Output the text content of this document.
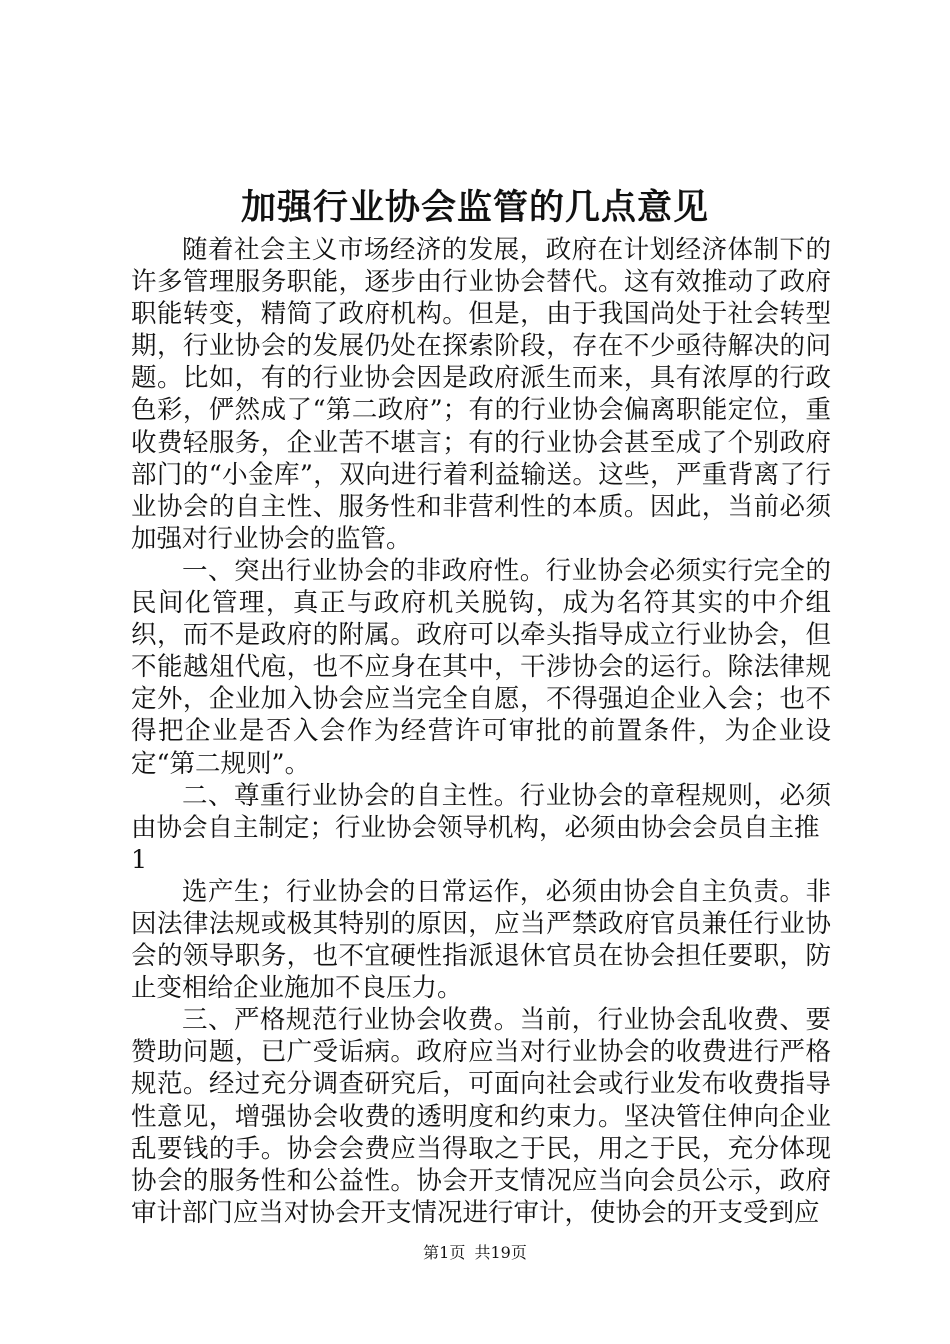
加强行业协会监管的几点意见

随着社会主义市场经济的发展，政府在计划经济体制下的许多管理服务职能，逐步由行业协会替代。这有效推动了政府职能转变，精简了政府机构。但是，由于我国尚处于社会转型期，行业协会的发展仍处在探索阶段，存在不少亟待解决的问题。比如，有的行业协会因是政府派生而来，具有浓厚的行政色彩，俨然成了“第二政府”；有的行业协会偏离职能定位，重收费轻服务，企业苦不堪言；有的行业协会甚至成了个别政府部门的“小金库”，双向进行着利益输送。这些，严重背离了行业协会的自主性、服务性和非营利性的本质。因此，当前必须加强对行业协会的监管。

一、突出行业协会的非政府性。行业协会必须实行完全的民间化管理，真正与政府机关脱钩，成为名符其实的中介组织，而不是政府的附属。政府可以牵头指导成立行业协会，但不能越俎代庖，也不应身在其中，干涉协会的运行。除法律规定外，企业加入协会应当完全自愿，不得强迫企业入会；也不得把企业是否入会作为经营许可审批的前置条件，为企业设定“第二规则”。

二、尊重行业协会的自主性。行业协会的章程规则，必须由协会自主制定；行业协会领导机构，必须由协会会员自主推

1

选产生；行业协会的日常运作，必须由协会自主负责。非因法律法规或极其特别的原因，应当严禁政府官员兼任行业协会的领导职务，也不宜硬性指派退休官员在协会担任要职，防止变相给企业施加不良压力。

三、严格规范行业协会收费。当前，行业协会乱收费、要赞助问题，已广受诟病。政府应当对行业协会的收费进行严格规范。经过充分调查研究后，可面向社会或行业发布收费指导性意见，增强协会收费的透明度和约束力。坚决管住伸向企业乱要钱的手。协会会费应当得取之于民，用之于民，充分体现协会的服务性和公益性。协会开支情况应当向会员公示，政府审计部门应当对协会开支情况进行审计，使协会的开支受到应

第1页 共19页
